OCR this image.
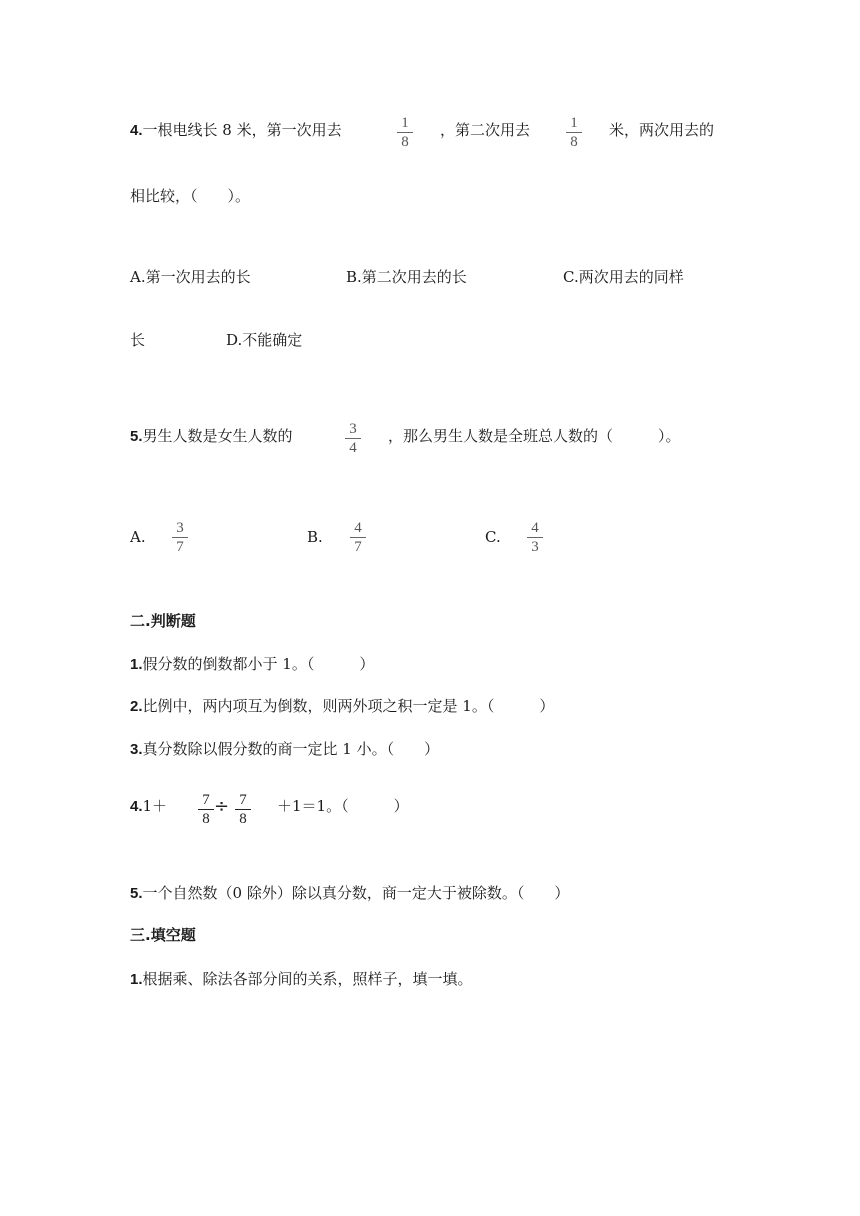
4.一根电线长 8 米，第一次用去	1
8
，第二次用去	1
8
米，两次用去的
相比较，（　　）。
A.第一次用去的长	B.第二次用去的长	C.两次用去的同样
长	D.不能确定
5.男生人数是女生人数的	3
4
，那么男生人数是全班总人数的（　　　）。
A. 3
7
B. 4
7
C. 4
3
二.判断题
1.假分数的倒数都小于 1。（　　　）
2.比例中，两内项互为倒数，则两外项之积一定是 1。（　　　）
3.真分数除以假分数的商一定比 1 小。（　　）
4.1＋ 7
8
÷ 7
8
＋1＝1。（　　　）
5.一个自然数（0 除外）除以真分数，商一定大于被除数。（　　）
三.填空题
1.根据乘、除法各部分间的关系，照样子，填一填。
